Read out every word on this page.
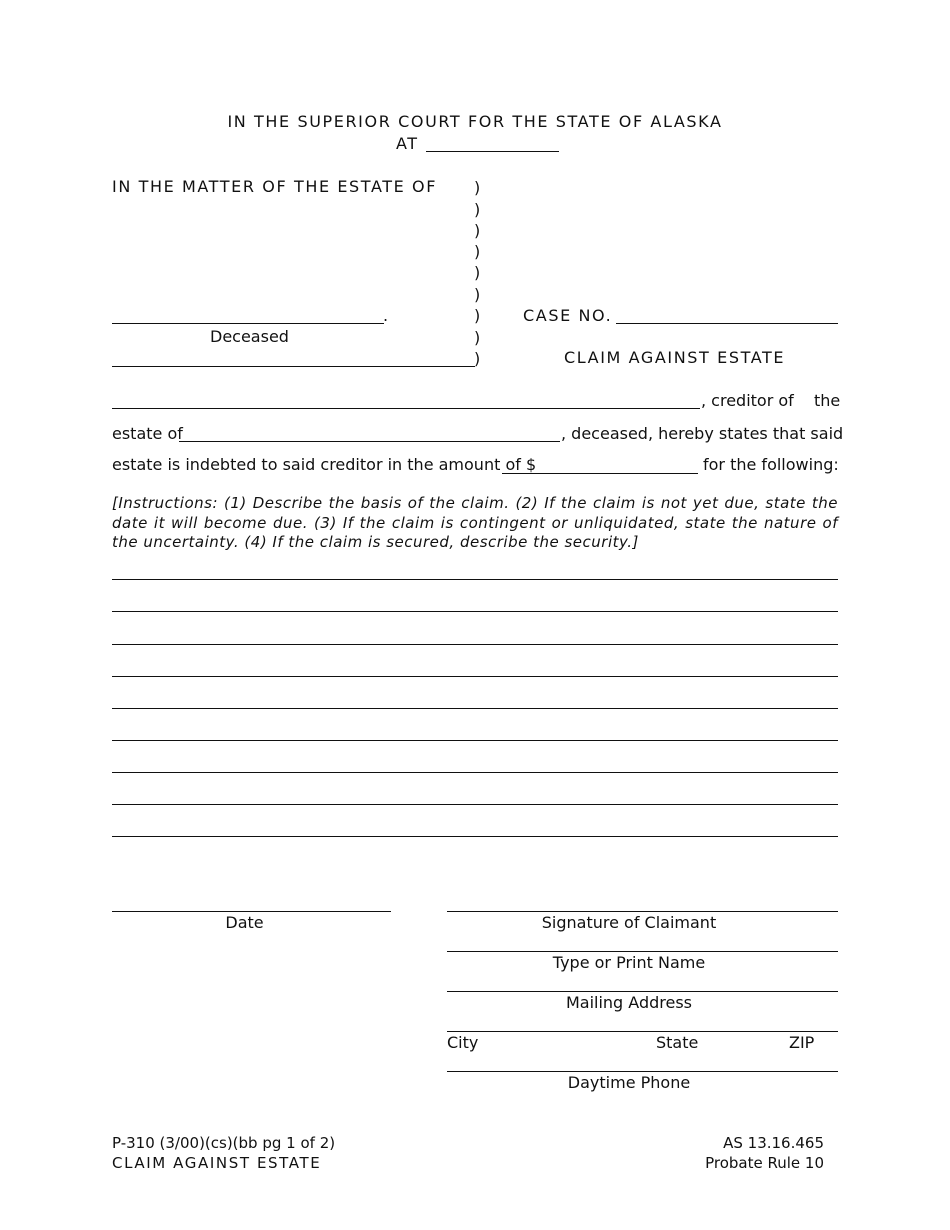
IN THE SUPERIOR COURT FOR THE STATE OF ALASKA
AT
IN THE MATTER OF THE ESTATE OF
.
Deceased
)
)
)
)
)
)
)
)
)
CASE NO.
CLAIM AGAINST ESTATE
, creditor of the
estate of	, deceased, hereby states that said
estate is indebted to said creditor in the amount of $	for the following:
[Instructions: (1) Describe the basis of the claim. (2) If the claim is not yet due, state the date it will become due. (3) If the claim is contingent or unliquidated, state the nature of the uncertainty. (4) If the claim is secured, describe the security.]
Date	Signature of Claimant
Type or Print Name
Mailing Address
City	State	ZIP
Daytime Phone
P-310 (3/00)(cs)(bb pg 1 of 2)
CLAIM AGAINST ESTATE
AS 13.16.465
Probate Rule 10
